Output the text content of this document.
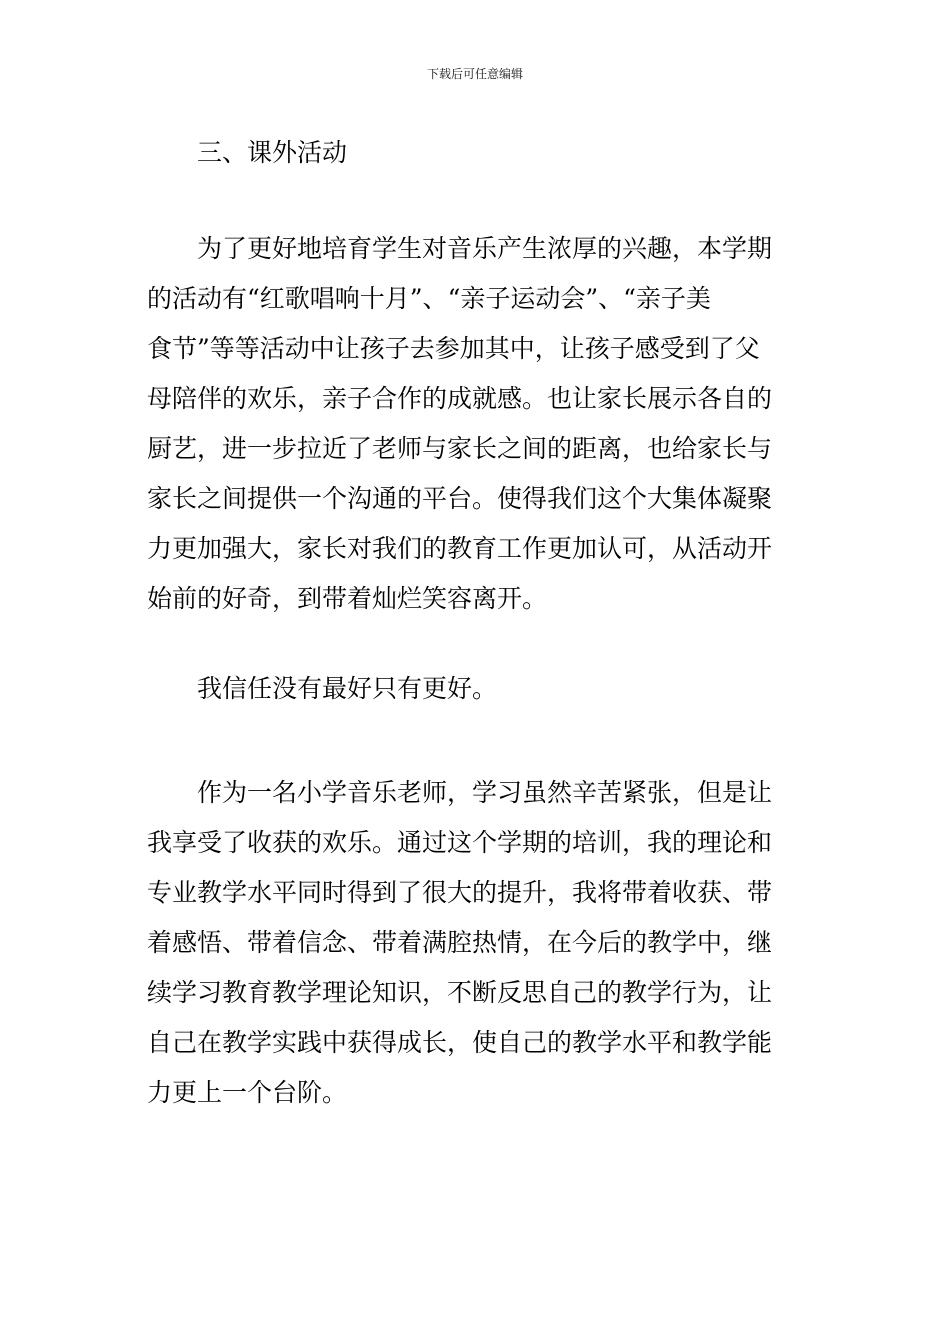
下载后可任意编辑
三、课外活动
为了更好地培育学生对音乐产生浓厚的兴趣，本学期
的活动有“红歌唱响十月”、“亲子运动会”、“亲子美
食节”等等活动中让孩子去参加其中，让孩子感受到了父
母陪伴的欢乐，亲子合作的成就感。也让家长展示各自的
厨艺，进一步拉近了老师与家长之间的距离，也给家长与
家长之间提供一个沟通的平台。使得我们这个大集体凝聚
力更加强大，家长对我们的教育工作更加认可，从活动开
始前的好奇，到带着灿烂笑容离开。
我信任没有最好只有更好。
作为一名小学音乐老师，学习虽然辛苦紧张，但是让
我享受了收获的欢乐。通过这个学期的培训，我的理论和
专业教学水平同时得到了很大的提升，我将带着收获、带
着感悟、带着信念、带着满腔热情，在今后的教学中，继
续学习教育教学理论知识，不断反思自己的教学行为，让
自己在教学实践中获得成长，使自己的教学水平和教学能
力更上一个台阶。
